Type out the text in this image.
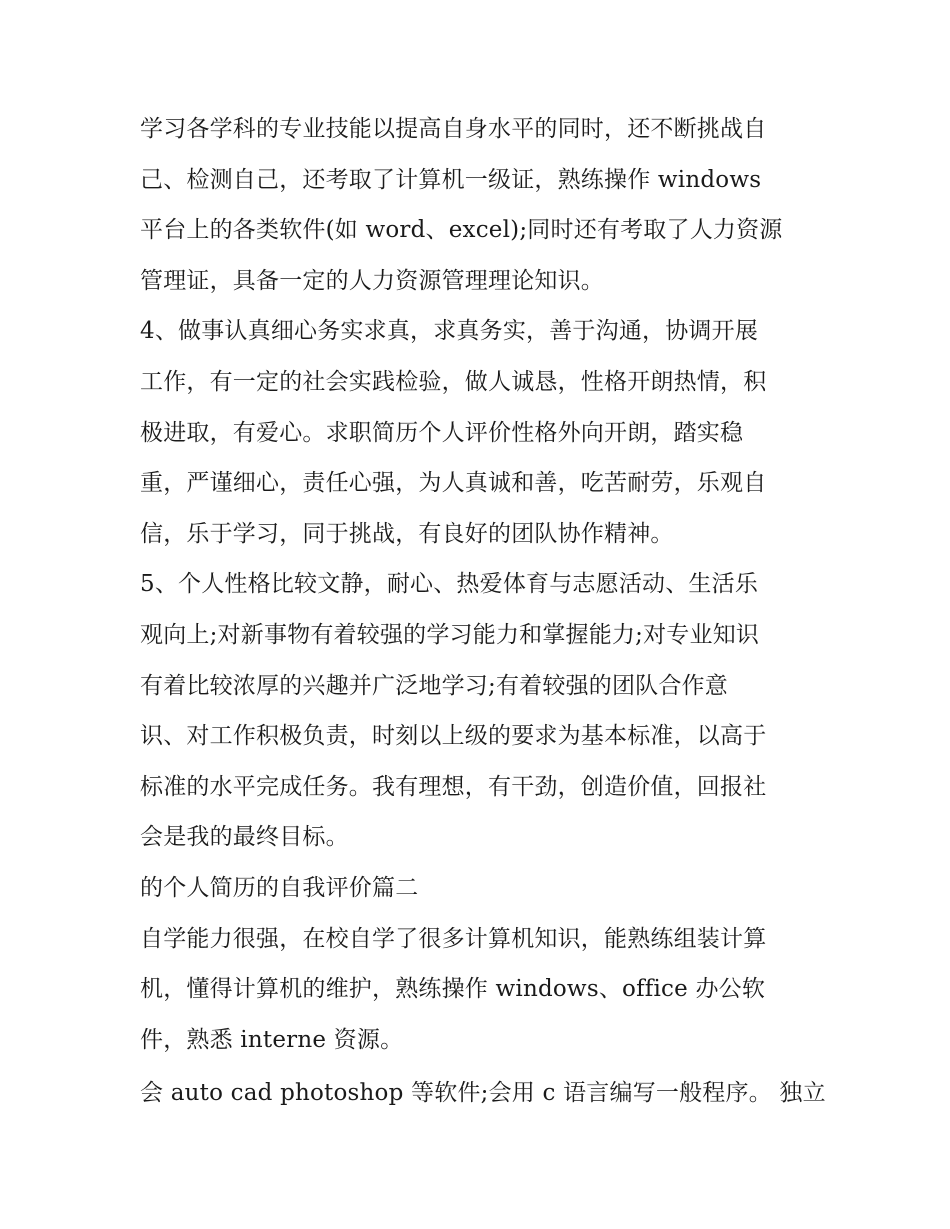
学习各学科的专业技能以提高自身水平的同时，还不断挑战自
己、检测自己，还考取了计算机一级证，熟练操作 windows
平台上的各类软件(如 word、excel);同时还有考取了人力资源
管理证，具备一定的人力资源管理理论知识。
4、做事认真细心务实求真，求真务实，善于沟通，协调开展
工作，有一定的社会实践检验，做人诚恳，性格开朗热情，积
极进取，有爱心。求职简历个人评价性格外向开朗，踏实稳
重，严谨细心，责任心强，为人真诚和善，吃苦耐劳，乐观自
信，乐于学习，同于挑战，有良好的团队协作精神。
5、个人性格比较文静，耐心、热爱体育与志愿活动、生活乐
观向上;对新事物有着较强的学习能力和掌握能力;对专业知识
有着比较浓厚的兴趣并广泛地学习;有着较强的团队合作意
识、对工作积极负责，时刻以上级的要求为基本标准，以高于
标准的水平完成任务。我有理想，有干劲，创造价值，回报社
会是我的最终目标。
的个人简历的自我评价篇二
自学能力很强，在校自学了很多计算机知识，能熟练组装计算
机，懂得计算机的维护，熟练操作 windows、office 办公软
件，熟悉 interne 资源。
会 auto cad photoshop 等软件;会用 c 语言编写一般程序。 独立
